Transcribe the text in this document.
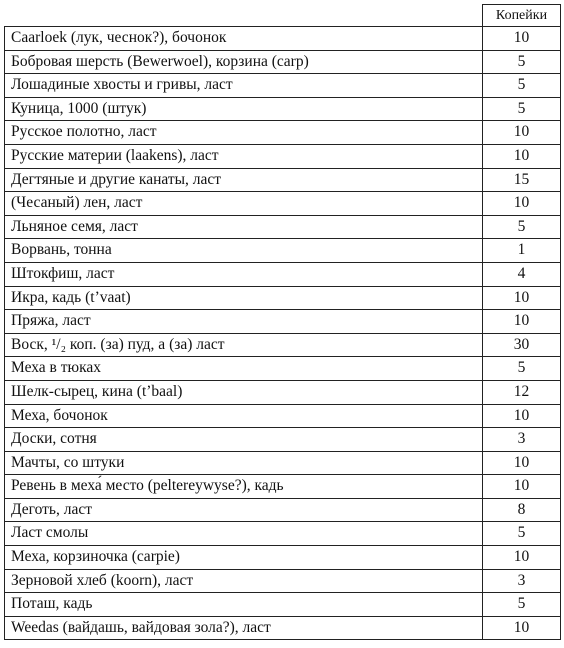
	Копейки
Caarloek (лук, чеснок?), бочонок	10
Бобровая шерсть (Bewerwoel), корзина (carp)	5
Лошадиные хвосты и гривы, ласт	5
Куница, 1000 (штук)	5
Русское полотно, ласт	10
Русские материи (laakens), ласт	10
Дегтяные и другие канаты, ласт	15
(Чесаный) лен, ласт	10
Льняное семя, ласт	5
Ворвань, тонна	1
Штокфиш, ласт	4
Икра, кадь (t’vaat)	10
Пряжа, ласт	10
Воск, ¹/₂ коп. (за) пуд, а (за) ласт	30
Меха в тюках	5
Шелк-сырец, кина (t’baal)	12
Меха, бочонок	10
Доски, сотня	3
Мачты, со штуки	10
Ревень в меха́ место (peltereywyse?), кадь	10
Деготь, ласт	8
Ласт смолы	5
Меха, корзиночка (carpie)	10
Зерновой хлеб (koorn), ласт	3
Поташ, кадь	5
Weedas (вайдашь, вайдовая зола?), ласт	10
